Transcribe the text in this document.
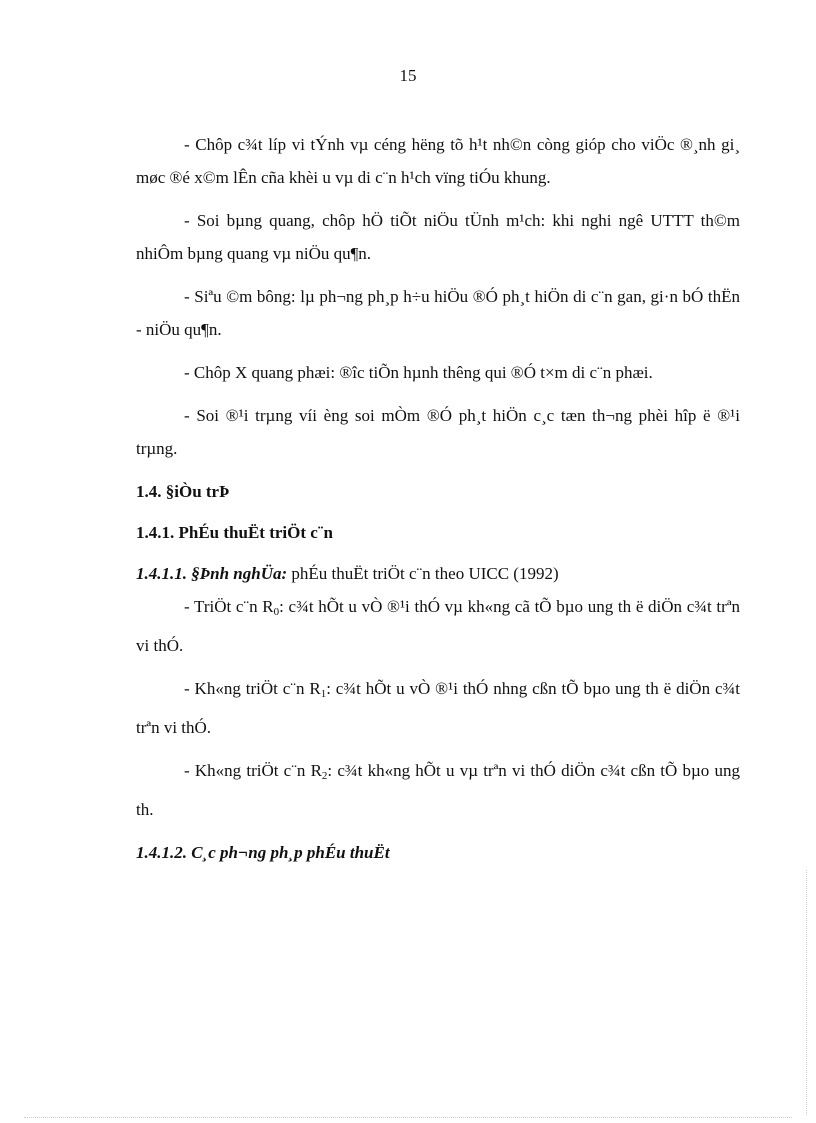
15

- Chôp c¾t líp vi tÝnh vµ céng hëng tõ h¹t nh©n còng gióp cho viÖc ®¸nh gi¸ møc ®é x©m lÊn cña khèi u vµ di c¨n h¹ch vïng tiÓu khung.

- Soi bµng quang, chôp hÖ tiÕt niÖu tÜnh m¹ch: khi nghi ngê UTTT th©m nhiÔm bµng quang vµ niÖu qu¶n.

- Siªu ©m bông: lµ ph¬ng ph¸p h÷u hiÖu ®Ó ph¸t hiÖn di c¨n gan, gi·n bÓ thËn - niÖu qu¶n.

- Chôp X quang phæi: ®îc tiÕn hµnh thêng qui ®Ó t×m di c¨n phæi.

- Soi ®¹i trµng víi èng soi mÒm ®Ó ph¸t hiÖn c¸c tæn th¬ng phèi hîp ë ®¹i trµng.

1.4. §iÒu trÞ

1.4.1. PhÉu thuËt triÖt c¨n

1.4.1.1. §Þnh nghÜa: phÉu thuËt triÖt c¨n theo UICC (1992)

- TriÖt c¨n $R_0$: c¾t hÕt u vÒ ®¹i thÓ vµ kh«ng cã tÕ bµo ung th ë diÖn c¾t trªn vi thÓ.

- Kh«ng triÖt c¨n $R_1$: c¾t hÕt u vÒ ®¹i thÓ nhng cßn tÕ bµo ung th ë diÖn c¾t trªn vi thÓ.

- Kh«ng triÖt c¨n $R_2$: c¾t kh«ng hÕt u vµ trªn vi thÓ diÖn c¾t cßn tÕ bµo ung th.

1.4.1.2. C¸c ph¬ng ph¸p phÉu thuËt
